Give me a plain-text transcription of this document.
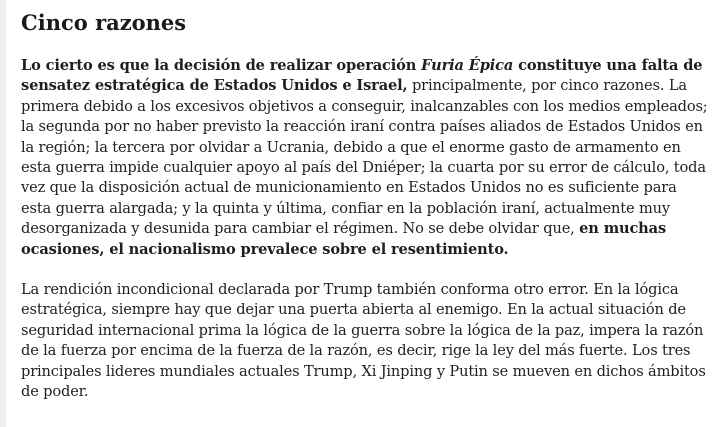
Cinco razones

Lo cierto es que la decisión de realizar operación Furia Épica constituye una falta de sensatez estratégica de Estados Unidos e Israel, principalmente, por cinco razones. La primera debido a los excesivos objetivos a conseguir, inalcanzables con los medios empleados; la segunda por no haber previsto la reacción iraní contra países aliados de Estados Unidos en la región; la tercera por olvidar a Ucrania, debido a que el enorme gasto de armamento en esta guerra impide cualquier apoyo al país del Dniéper; la cuarta por su error de cálculo, toda vez que la disposición actual de municionamiento en Estados Unidos no es suficiente para esta guerra alargada; y la quinta y última, confiar en la población iraní, actualmente muy desorganizada y desunida para cambiar el régimen. No se debe olvidar que, en muchas ocasiones, el nacionalismo prevalece sobre el resentimiento.

La rendición incondicional declarada por Trump también conforma otro error. En la lógica estratégica, siempre hay que dejar una puerta abierta al enemigo. En la actual situación de seguridad internacional prima la lógica de la guerra sobre la lógica de la paz, impera la razón de la fuerza por encima de la fuerza de la razón, es decir, rige la ley del más fuerte. Los tres principales lideres mundiales actuales Trump, Xi Jinping y Putin se mueven en dichos ámbitos de poder.
